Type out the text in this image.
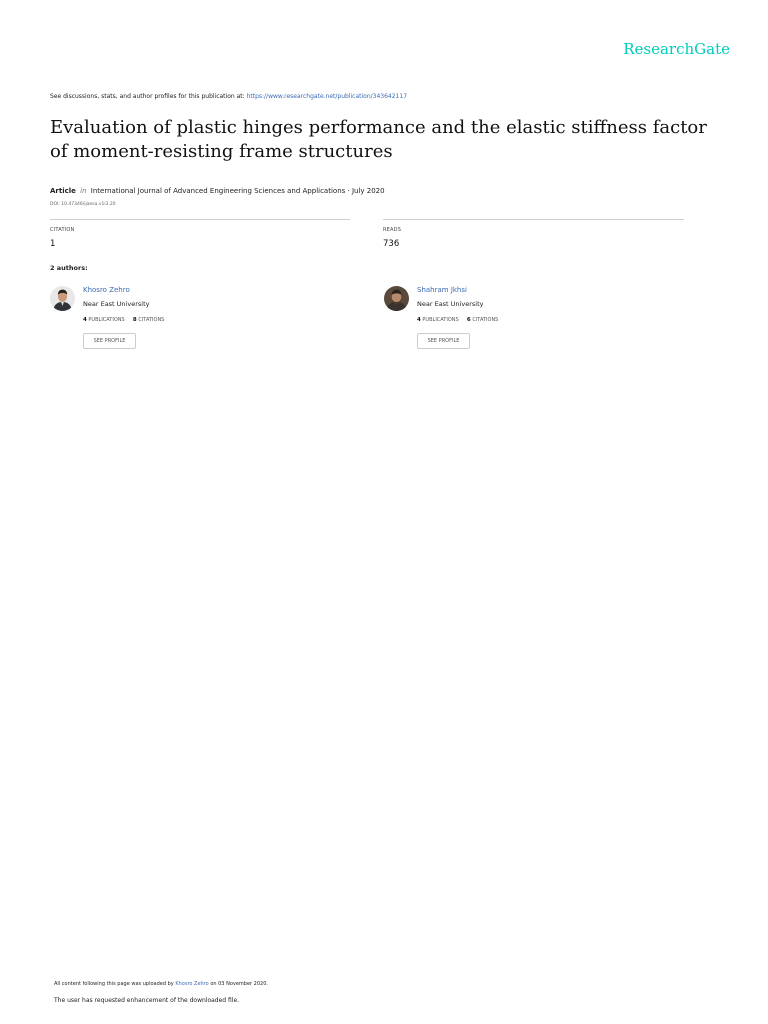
ResearchGate
See discussions, stats, and author profiles for this publication at: https://www.researchgate.net/publication/343642117
Evaluation of plastic hinges performance and the elastic stiffness factor of moment-resisting frame structures
Article in International Journal of Advanced Engineering Sciences and Applications · July 2020
DOI: 10.47346/ijaesa.v1i3.20
CITATION
1
READS
736
2 authors:
Khosro Zehro
Near East University
4 PUBLICATIONS 8 CITATIONS
SEE PROFILE
Shahram Jkhsi
Near East University
4 PUBLICATIONS 6 CITATIONS
SEE PROFILE
All content following this page was uploaded by Khosro Zehro on 03 November 2020.
The user has requested enhancement of the downloaded file.
